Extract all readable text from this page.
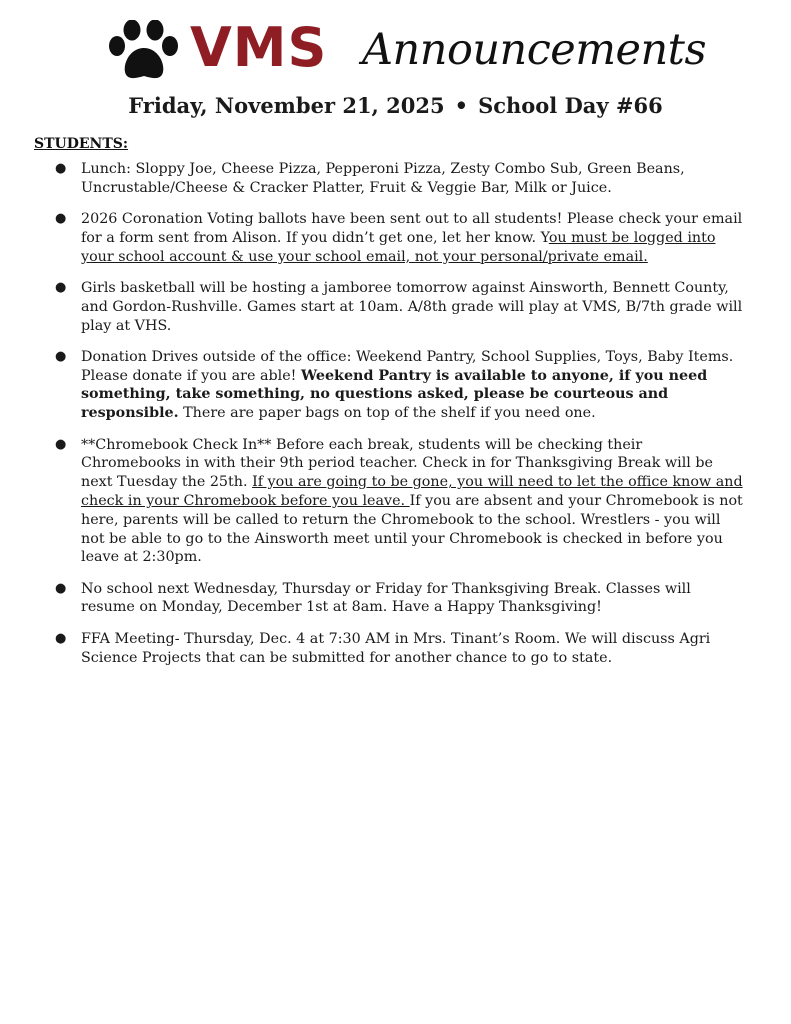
VMS Announcements
Friday, November 21, 2025 • School Day #66
STUDENTS:
● Lunch: Sloppy Joe, Cheese Pizza, Pepperoni Pizza, Zesty Combo Sub, Green Beans, Uncrustable/Cheese & Cracker Platter, Fruit & Veggie Bar, Milk or Juice.
● 2026 Coronation Voting ballots have been sent out to all students! Please check your email for a form sent from Alison. If you didn’t get one, let her know. You must be logged into your school account & use your school email, not your personal/private email.
● Girls basketball will be hosting a jamboree tomorrow against Ainsworth, Bennett County, and Gordon-Rushville. Games start at 10am. A/8th grade will play at VMS, B/7th grade will play at VHS.
● Donation Drives outside of the office: Weekend Pantry, School Supplies, Toys, Baby Items. Please donate if you are able! Weekend Pantry is available to anyone, if you need something, take something, no questions asked, please be courteous and responsible. There are paper bags on top of the shelf if you need one.
● **Chromebook Check In** Before each break, students will be checking their Chromebooks in with their 9th period teacher. Check in for Thanksgiving Break will be next Tuesday the 25th. If you are going to be gone, you will need to let the office know and check in your Chromebook before you leave. If you are absent and your Chromebook is not here, parents will be called to return the Chromebook to the school. Wrestlers - you will not be able to go to the Ainsworth meet until your Chromebook is checked in before you leave at 2:30pm.
● No school next Wednesday, Thursday or Friday for Thanksgiving Break. Classes will resume on Monday, December 1st at 8am. Have a Happy Thanksgiving!
● FFA Meeting- Thursday, Dec. 4 at 7:30 AM in Mrs. Tinant’s Room. We will discuss Agri Science Projects that can be submitted for another chance to go to state.
